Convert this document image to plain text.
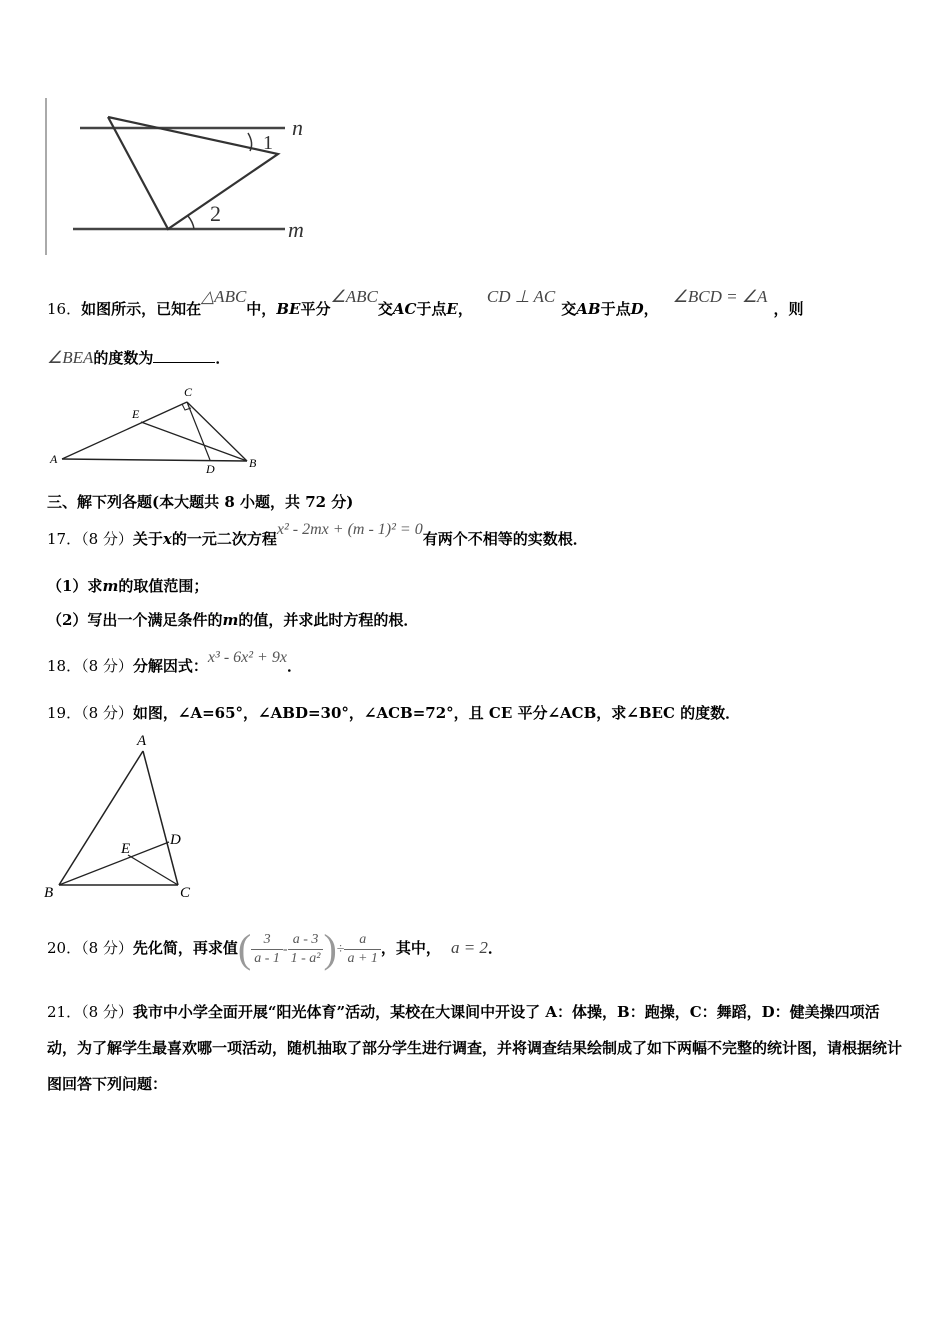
n
m
1
2
16．如图所示，已知在△ABC中，BE平分∠ABC交AC于点E，CD ⊥ AC交AB于点D，∠BCD = ∠A，则
∠BEA的度数为	．
A	B
C
D
E
三、解下列各题(本大题共 8 小题，共 72 分)
17．（8 分）关于x的一元二次方程x² - 2mx + (m - 1)² = 0有两个不相等的实数根．
（1）求m的取值范围；
（2）写出一个满足条件的m的值，并求此时方程的根．
18．（8 分）分解因式：x³ - 6x² + 9x．
19．（8 分）如图，∠A=65°，∠ABD=30°，∠ACB=72°，且 CE 平分∠ACB，求∠BEC 的度数．
A
B	C
D
E
20．（8 分）先化简，再求值( $\frac{3}{a - 1} - \frac{a - 3}{\text{1 - a²}}$ )÷ $\frac{a}{a + 1}$ ，其中， a = 2．
21．（8 分）我市中小学全面开展“阳光体育”活动，某校在大课间中开设了 A：体操，B：跑操，C：舞蹈，D：健美操四项活动，为了解学生最喜欢哪一项活动，随机抽取了部分学生进行调查，并将调查结果绘制成了如下两幅不完整的统计图，请根据统计图回答下列问题：
